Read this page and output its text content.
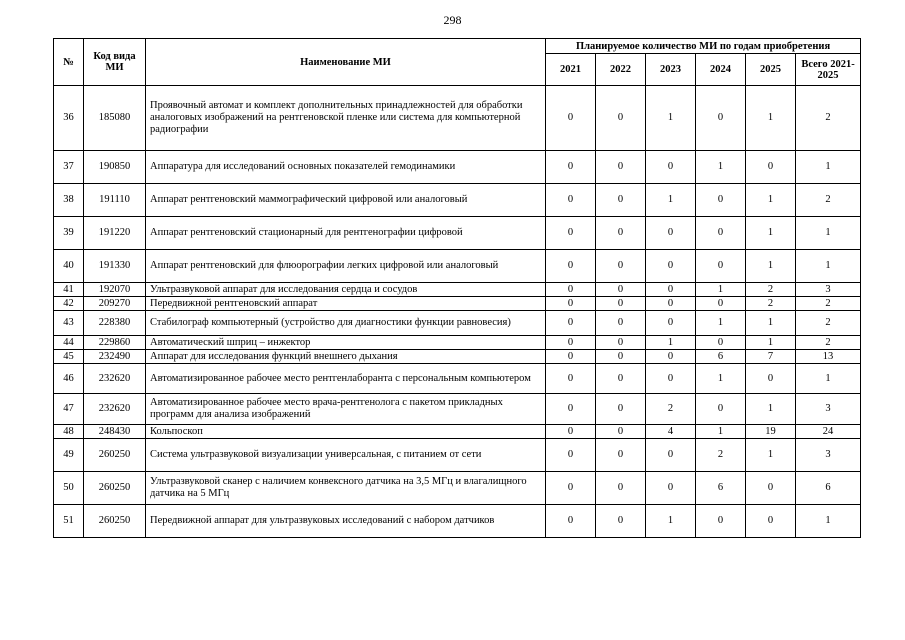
298
№	Код вида МИ	Наименование МИ	Планируемое количество МИ по годам приобретения					
			2021	2022	2023	2024	2025	Всего 2021-2025
36	185080	Проявочный автомат и комплект дополнительных принадлежностей для обработки аналоговых изображений на рентгеновской пленке или система для компьютерной радиографии	0	0	1	0	1	2
37	190850	Аппаратура для исследований основных показателей гемодинамики	0	0	0	1	0	1
38	191110	Аппарат рентгеновский маммографический цифровой или аналоговый	0	0	1	0	1	2
39	191220	Аппарат рентгеновский стационарный для рентгенографии цифровой	0	0	0	0	1	1
40	191330	Аппарат рентгеновский для флюорографии легких цифровой или аналоговый	0	0	0	0	1	1
41	192070	Ультразвуковой аппарат для исследования сердца и сосудов	0	0	0	1	2	3
42	209270	Передвижной рентгеновский аппарат	0	0	0	0	2	2
43	228380	Стабилограф компьютерный (устройство для диагностики функции равновесия)	0	0	0	1	1	2
44	229860	Автоматический шприц – инжектор	0	0	1	0	1	2
45	232490	Аппарат для исследования функций внешнего дыхания	0	0	0	6	7	13
46	232620	Автоматизированное рабочее место рентгенлаборанта с персональным компьютером	0	0	0	1	0	1
47	232620	Автоматизированное рабочее место врача-рентгенолога с пакетом прикладных программ для анализа изображений	0	0	2	0	1	3
48	248430	Кольпоскоп	0	0	4	1	19	24
49	260250	Система ультразвуковой визуализации универсальная, с питанием от сети	0	0	0	2	1	3
50	260250	Ультразвуковой сканер с наличием конвексного датчика на 3,5 МГц и влагалищного датчика на 5 МГц	0	0	0	6	0	6
51	260250	Передвижной аппарат для ультразвуковых исследований с набором датчиков	0	0	1	0	0	1
